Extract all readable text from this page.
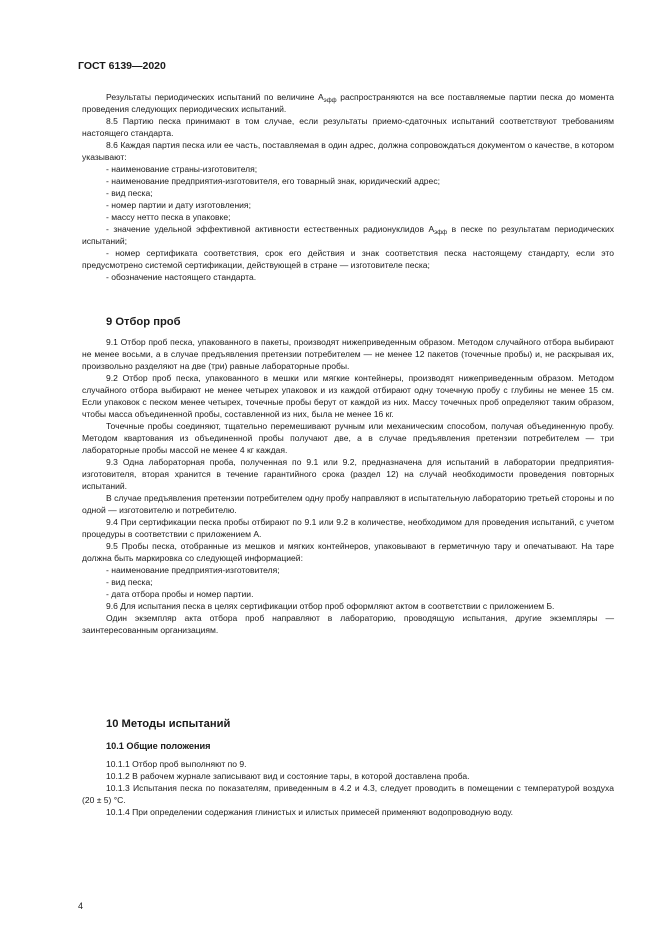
ГОСТ 6139—2020

Результаты периодических испытаний по величине $А_{эфф}$ распространяются на все поставляемые партии песка до момента проведения следующих периодических испытаний.

8.5 Партию песка принимают в том случае, если результаты приемо-сдаточных испытаний соответствуют требованиям настоящего стандарта.

8.6 Каждая партия песка или ее часть, поставляемая в один адрес, должна сопровождаться документом о качестве, в котором указывают:

- наименование страны-изготовителя;

- наименование предприятия-изготовителя, его товарный знак, юридический адрес;

- вид песка;

- номер партии и дату изготовления;

- массу нетто песка в упаковке;

- значение удельной эффективной активности естественных радионуклидов $А_{эфф}$ в песке по результатам периодических испытаний;

- номер сертификата соответствия, срок его действия и знак соответствия песка настоящему стандарту, если это предусмотрено системой сертификации, действующей в стране — изготовителе песка;

- обозначение настоящего стандарта.

9 Отбор проб

9.1 Отбор проб песка, упакованного в пакеты, производят нижеприведенным образом. Методом случайного отбора выбирают не менее восьми, а в случае предъявления претензии потребителем — не менее 12 пакетов (точечные пробы) и, не раскрывая их, произвольно разделяют на две (три) равные лабораторные пробы.

9.2 Отбор проб песка, упакованного в мешки или мягкие контейнеры, производят нижеприведенным образом. Методом случайного отбора выбирают не менее четырех упаковок и из каждой отбирают одну точечную пробу с глубины не менее 15 см. Если упаковок с песком менее четырех, точечные пробы берут от каждой из них. Массу точечных проб определяют таким образом, чтобы масса объединенной пробы, составленной из них, была не менее 16 кг.

Точечные пробы соединяют, тщательно перемешивают ручным или механическим способом, получая объединенную пробу. Методом квартования из объединенной пробы получают две, а в случае предъявления претензии потребителем — три лабораторные пробы массой не менее 4 кг каждая.

9.3 Одна лабораторная проба, полученная по 9.1 или 9.2, предназначена для испытаний в лаборатории предприятия-изготовителя, вторая хранится в течение гарантийного срока (раздел 12) на случай необходимости проведения повторных испытаний.

В случае предъявления претензии потребителем одну пробу направляют в испытательную лабораторию третьей стороны и по одной — изготовителю и потребителю.

9.4 При сертификации песка пробы отбирают по 9.1 или 9.2 в количестве, необходимом для проведения испытаний, с учетом процедуры в соответствии с приложением А.

9.5 Пробы песка, отобранные из мешков и мягких контейнеров, упаковывают в герметичную тару и опечатывают. На таре должна быть маркировка со следующей информацией:

- наименование предприятия-изготовителя;

- вид песка;

- дата отбора пробы и номер партии.

9.6 Для испытания песка в целях сертификации отбор проб оформляют актом в соответствии с приложением Б.

Один экземпляр акта отбора проб направляют в лабораторию, проводящую испытания, другие экземпляры — заинтересованным организациям.

10 Методы испытаний
10.1 Общие положения

10.1.1 Отбор проб выполняют по 9.

10.1.2 В рабочем журнале записывают вид и состояние тары, в которой доставлена проба.

10.1.3 Испытания песка по показателям, приведенным в 4.2 и 4.3, следует проводить в помещении с температурой воздуха (20 ± 5) °С.

10.1.4 При определении содержания глинистых и илистых примесей применяют водопроводную воду.

4
